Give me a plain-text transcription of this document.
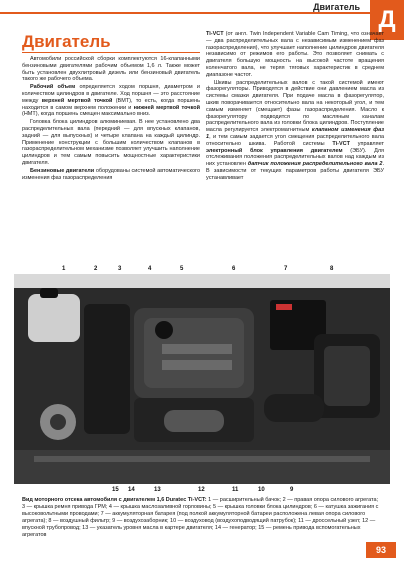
Двигатель Д
Двигатель

Автомобили российской сборки комплектуются 16-клапанными бензиновыми двигателями рабочим объемом 1,6 л. Также может быть установлен двухлитровый дизель или бензиновый двигатель такого же рабочего объема.

Рабочий объем определяется ходом поршня, диаметром и количеством цилиндров в двигателе. Ход поршня — это расстояние между верхней мертвой точкой (ВМТ), то есть, когда поршень находится в самом верхнем положении и нижней мертвой точкой (НМТ), когда поршень смещен максимально вниз.

Головка блока цилиндров алюминиевая. В нее установлено два распределительных вала (передний — для впускных клапанов, задний — для выпускных) и четыре клапана на каждый цилиндр. Применение конструкции с большим количеством клапанов в газораспределительном механизме позволяет улучшить наполнение цилиндров и тем самым повысить мощностные характеристики двигателя.

Бензиновые двигатели оборудованы системой автоматического изменения фаз газораспределения

Ti-VCT (от англ. Twin Independent Variable Cam Timing, что означает — два распределительных вала с независимым изменением фаз газораспределения), что улучшает наполнение цилиндров двигателя независимо от режимов его работы. Это позволяет снимать с двигателя большую мощность на высокой частоте вращения коленчатого вала, не теряя тяговых характеристик в среднем диапазоне частот.

Шкивы распределительных валов с такой системой имеют фазорегуляторы. Приводятся в действие они давлением масла из системы смазки двигателя. При подаче масла в фазорегулятор, шкив поворачивается относительно вала на некоторый угол, и тем самым изменяет (смещает) фазы газораспределения. Масло к фазорегулятору подводится по масляным каналам распределительного вала из головки блока цилиндров. Поступление масла регулируется электромагнитным клапаном изменения фаз 1, и тем самым задается угол смещения распределительного вала относительно шкива. Работой системы Ti-VCT управляет электронный блок управления двигателем (ЭБУ). Для отслеживания положения распределительных валов над каждым из них установлен датчик положения распределительного вала 2. В зависимости от текущих параметров работы двигателя ЭБУ устанавливает

1	2	3	4	5	6	7	8
15 14	13	12	11	10	9
Вид моторного отсека автомобиля с двигателем 1,6 Duratec Ti-VCT: 1 — расширительный бачок; 2 — правая опора силового агрегата; 3 — крышка ремня привода ГРМ; 4 — крышка маслозаливной горловины; 5 — крышка головки блока цилиндров; 6 — катушка зажигания с высоковольтными проводами; 7 — аккумуляторная батарея (под полкой аккумуляторной батареи расположена левая опора силового агрегата); 8 — воздушный фильтр; 9 — воздухозаборник; 10 — воздуховод (воздухоподводящий патрубок); 11 — дроссельный узел; 12 — впускной трубопровод; 13 — указатель уровня масла в картере двигателя; 14 — генератор; 15 — ремень привода вспомогательных агрегатов
93
